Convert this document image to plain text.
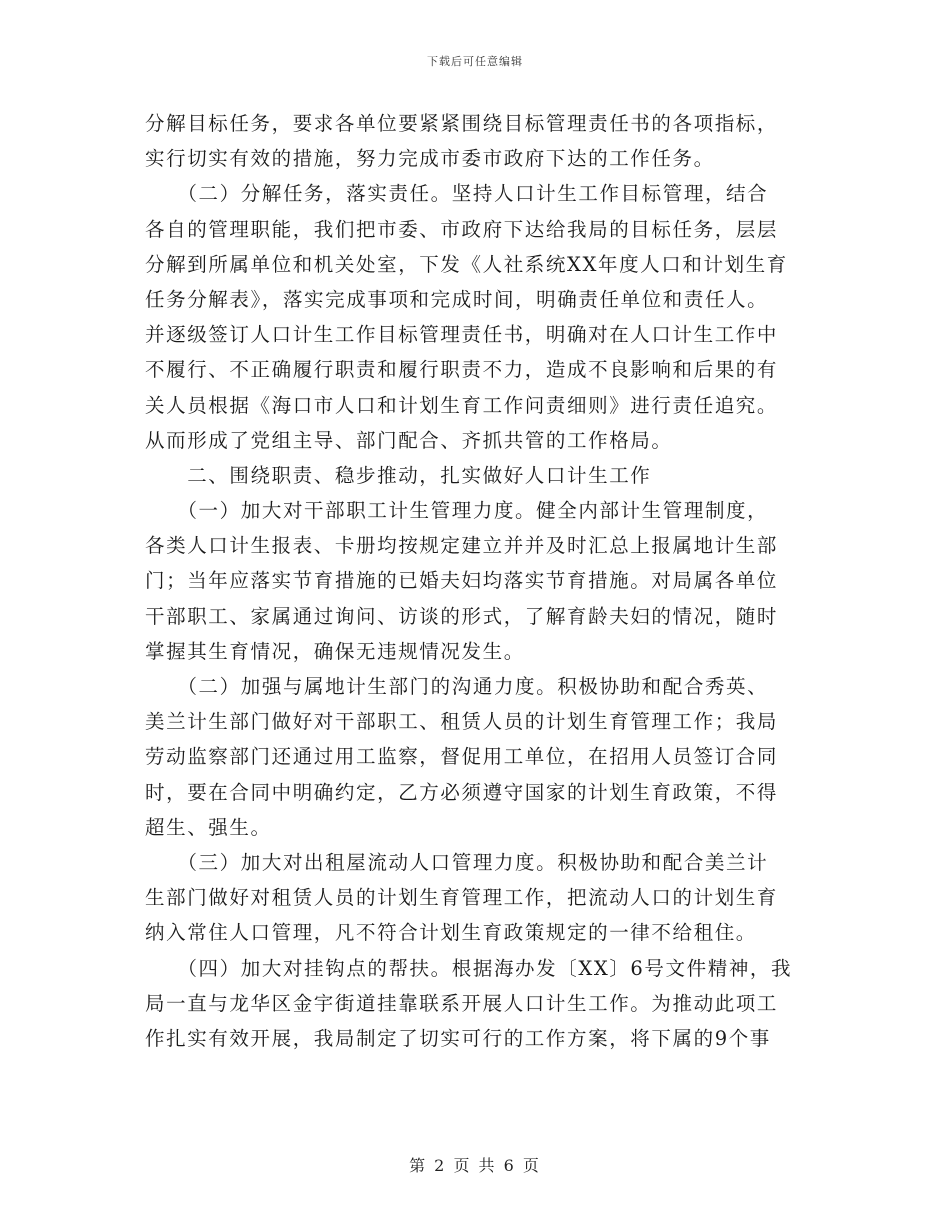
下载后可任意编辑
分解目标任务，要求各单位要紧紧围绕目标管理责任书的各项指标，
实行切实有效的措施，努力完成市委市政府下达的工作任务。
　　（二）分解任务，落实责任。坚持人口计生工作目标管理，结合
各自的管理职能，我们把市委、市政府下达给我局的目标任务，层层
分解到所属单位和机关处室，下发《人社系统XX年度人口和计划生育
任务分解表》，落实完成事项和完成时间，明确责任单位和责任人。
并逐级签订人口计生工作目标管理责任书，明确对在人口计生工作中
不履行、不正确履行职责和履行职责不力，造成不良影响和后果的有
关人员根据《海口市人口和计划生育工作问责细则》进行责任追究。
从而形成了党组主导、部门配合、齐抓共管的工作格局。
　　二、围绕职责、稳步推动，扎实做好人口计生工作
　　（一）加大对干部职工计生管理力度。健全内部计生管理制度，
各类人口计生报表、卡册均按规定建立并并及时汇总上报属地计生部
门；当年应落实节育措施的已婚夫妇均落实节育措施。对局属各单位
干部职工、家属通过询问、访谈的形式，了解育龄夫妇的情况，随时
掌握其生育情况，确保无违规情况发生。
　　（二）加强与属地计生部门的沟通力度。积极协助和配合秀英、
美兰计生部门做好对干部职工、租赁人员的计划生育管理工作；我局
劳动监察部门还通过用工监察，督促用工单位，在招用人员签订合同
时，要在合同中明确约定，乙方必须遵守国家的计划生育政策，不得
超生、强生。
　　（三）加大对出租屋流动人口管理力度。积极协助和配合美兰计
生部门做好对租赁人员的计划生育管理工作，把流动人口的计划生育
纳入常住人口管理，凡不符合计划生育政策规定的一律不给租住。
　　（四）加大对挂钩点的帮扶。根据海办发〔XX〕6号文件精神，我
局一直与龙华区金宇街道挂靠联系开展人口计生工作。为推动此项工
作扎实有效开展，我局制定了切实可行的工作方案，将下属的9个事
第 2 页 共 6 页
